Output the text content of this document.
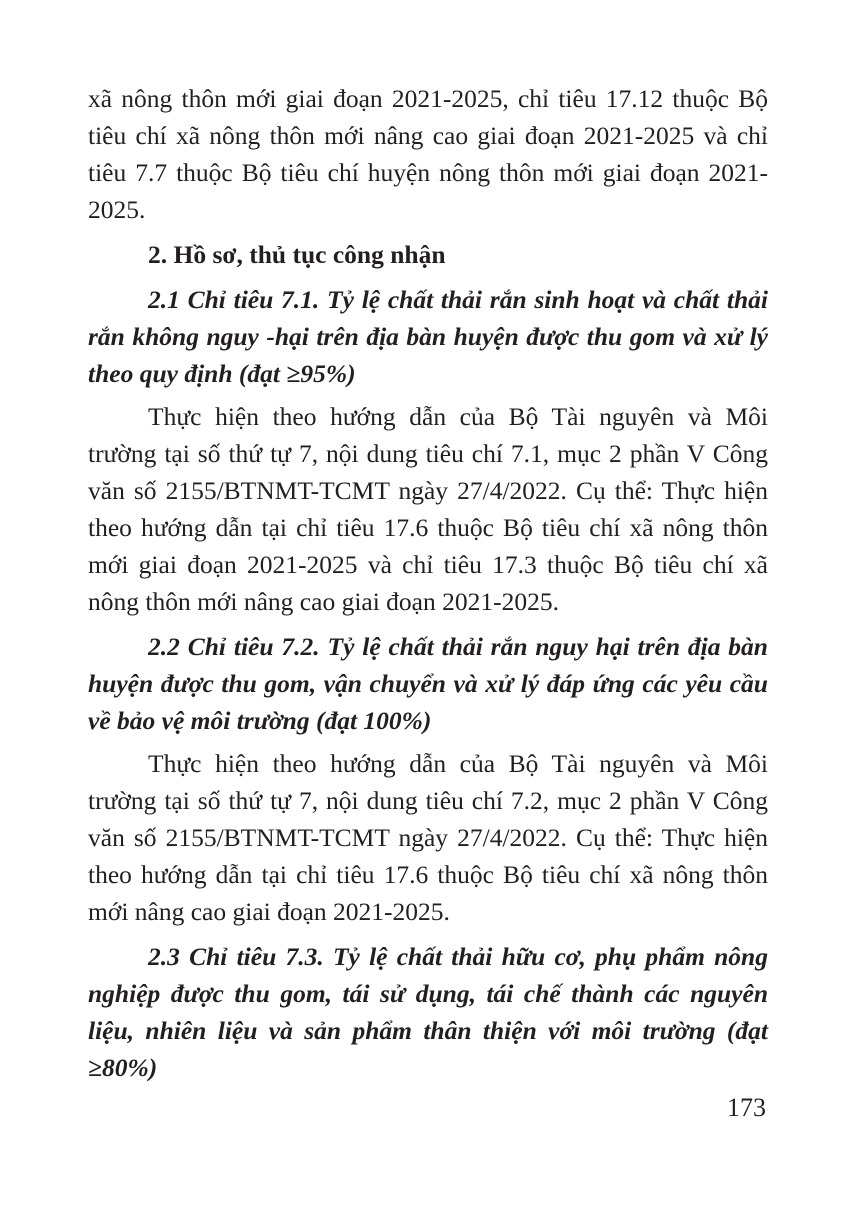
xã nông thôn mới giai đoạn 2021-2025, chỉ tiêu 17.12 thuộc Bộ tiêu chí xã nông thôn mới nâng cao giai đoạn 2021-2025 và chỉ tiêu 7.7 thuộc Bộ tiêu chí huyện nông thôn mới giai đoạn 2021-2025.

2. Hồ sơ, thủ tục công nhận

2.1 Chỉ tiêu 7.1. Tỷ lệ chất thải rắn sinh hoạt và chất thải rắn không nguy -hại trên địa bàn huyện được thu gom và xử lý theo quy định (đạt ≥95%)

Thực hiện theo hướng dẫn của Bộ Tài nguyên và Môi trường tại số thứ tự 7, nội dung tiêu chí 7.1, mục 2 phần V Công văn số 2155/BTNMT-TCMT ngày 27/4/2022. Cụ thể: Thực hiện theo hướng dẫn tại chỉ tiêu 17.6 thuộc Bộ tiêu chí xã nông thôn mới giai đoạn 2021-2025 và chỉ tiêu 17.3 thuộc Bộ tiêu chí xã nông thôn mới nâng cao giai đoạn 2021-2025.

2.2 Chỉ tiêu 7.2. Tỷ lệ chất thải rắn nguy hại trên địa bàn huyện được thu gom, vận chuyển và xử lý đáp ứng các yêu cầu về bảo vệ môi trường (đạt 100%)

Thực hiện theo hướng dẫn của Bộ Tài nguyên và Môi trường tại số thứ tự 7, nội dung tiêu chí 7.2, mục 2 phần V Công văn số 2155/BTNMT-TCMT ngày 27/4/2022. Cụ thể: Thực hiện theo hướng dẫn tại chỉ tiêu 17.6 thuộc Bộ tiêu chí xã nông thôn mới nâng cao giai đoạn 2021-2025.

2.3 Chỉ tiêu 7.3. Tỷ lệ chất thải hữu cơ, phụ phẩm nông nghiệp được thu gom, tái sử dụng, tái chế thành các nguyên liệu, nhiên liệu và sản phẩm thân thiện với môi trường (đạt ≥80%)

173
